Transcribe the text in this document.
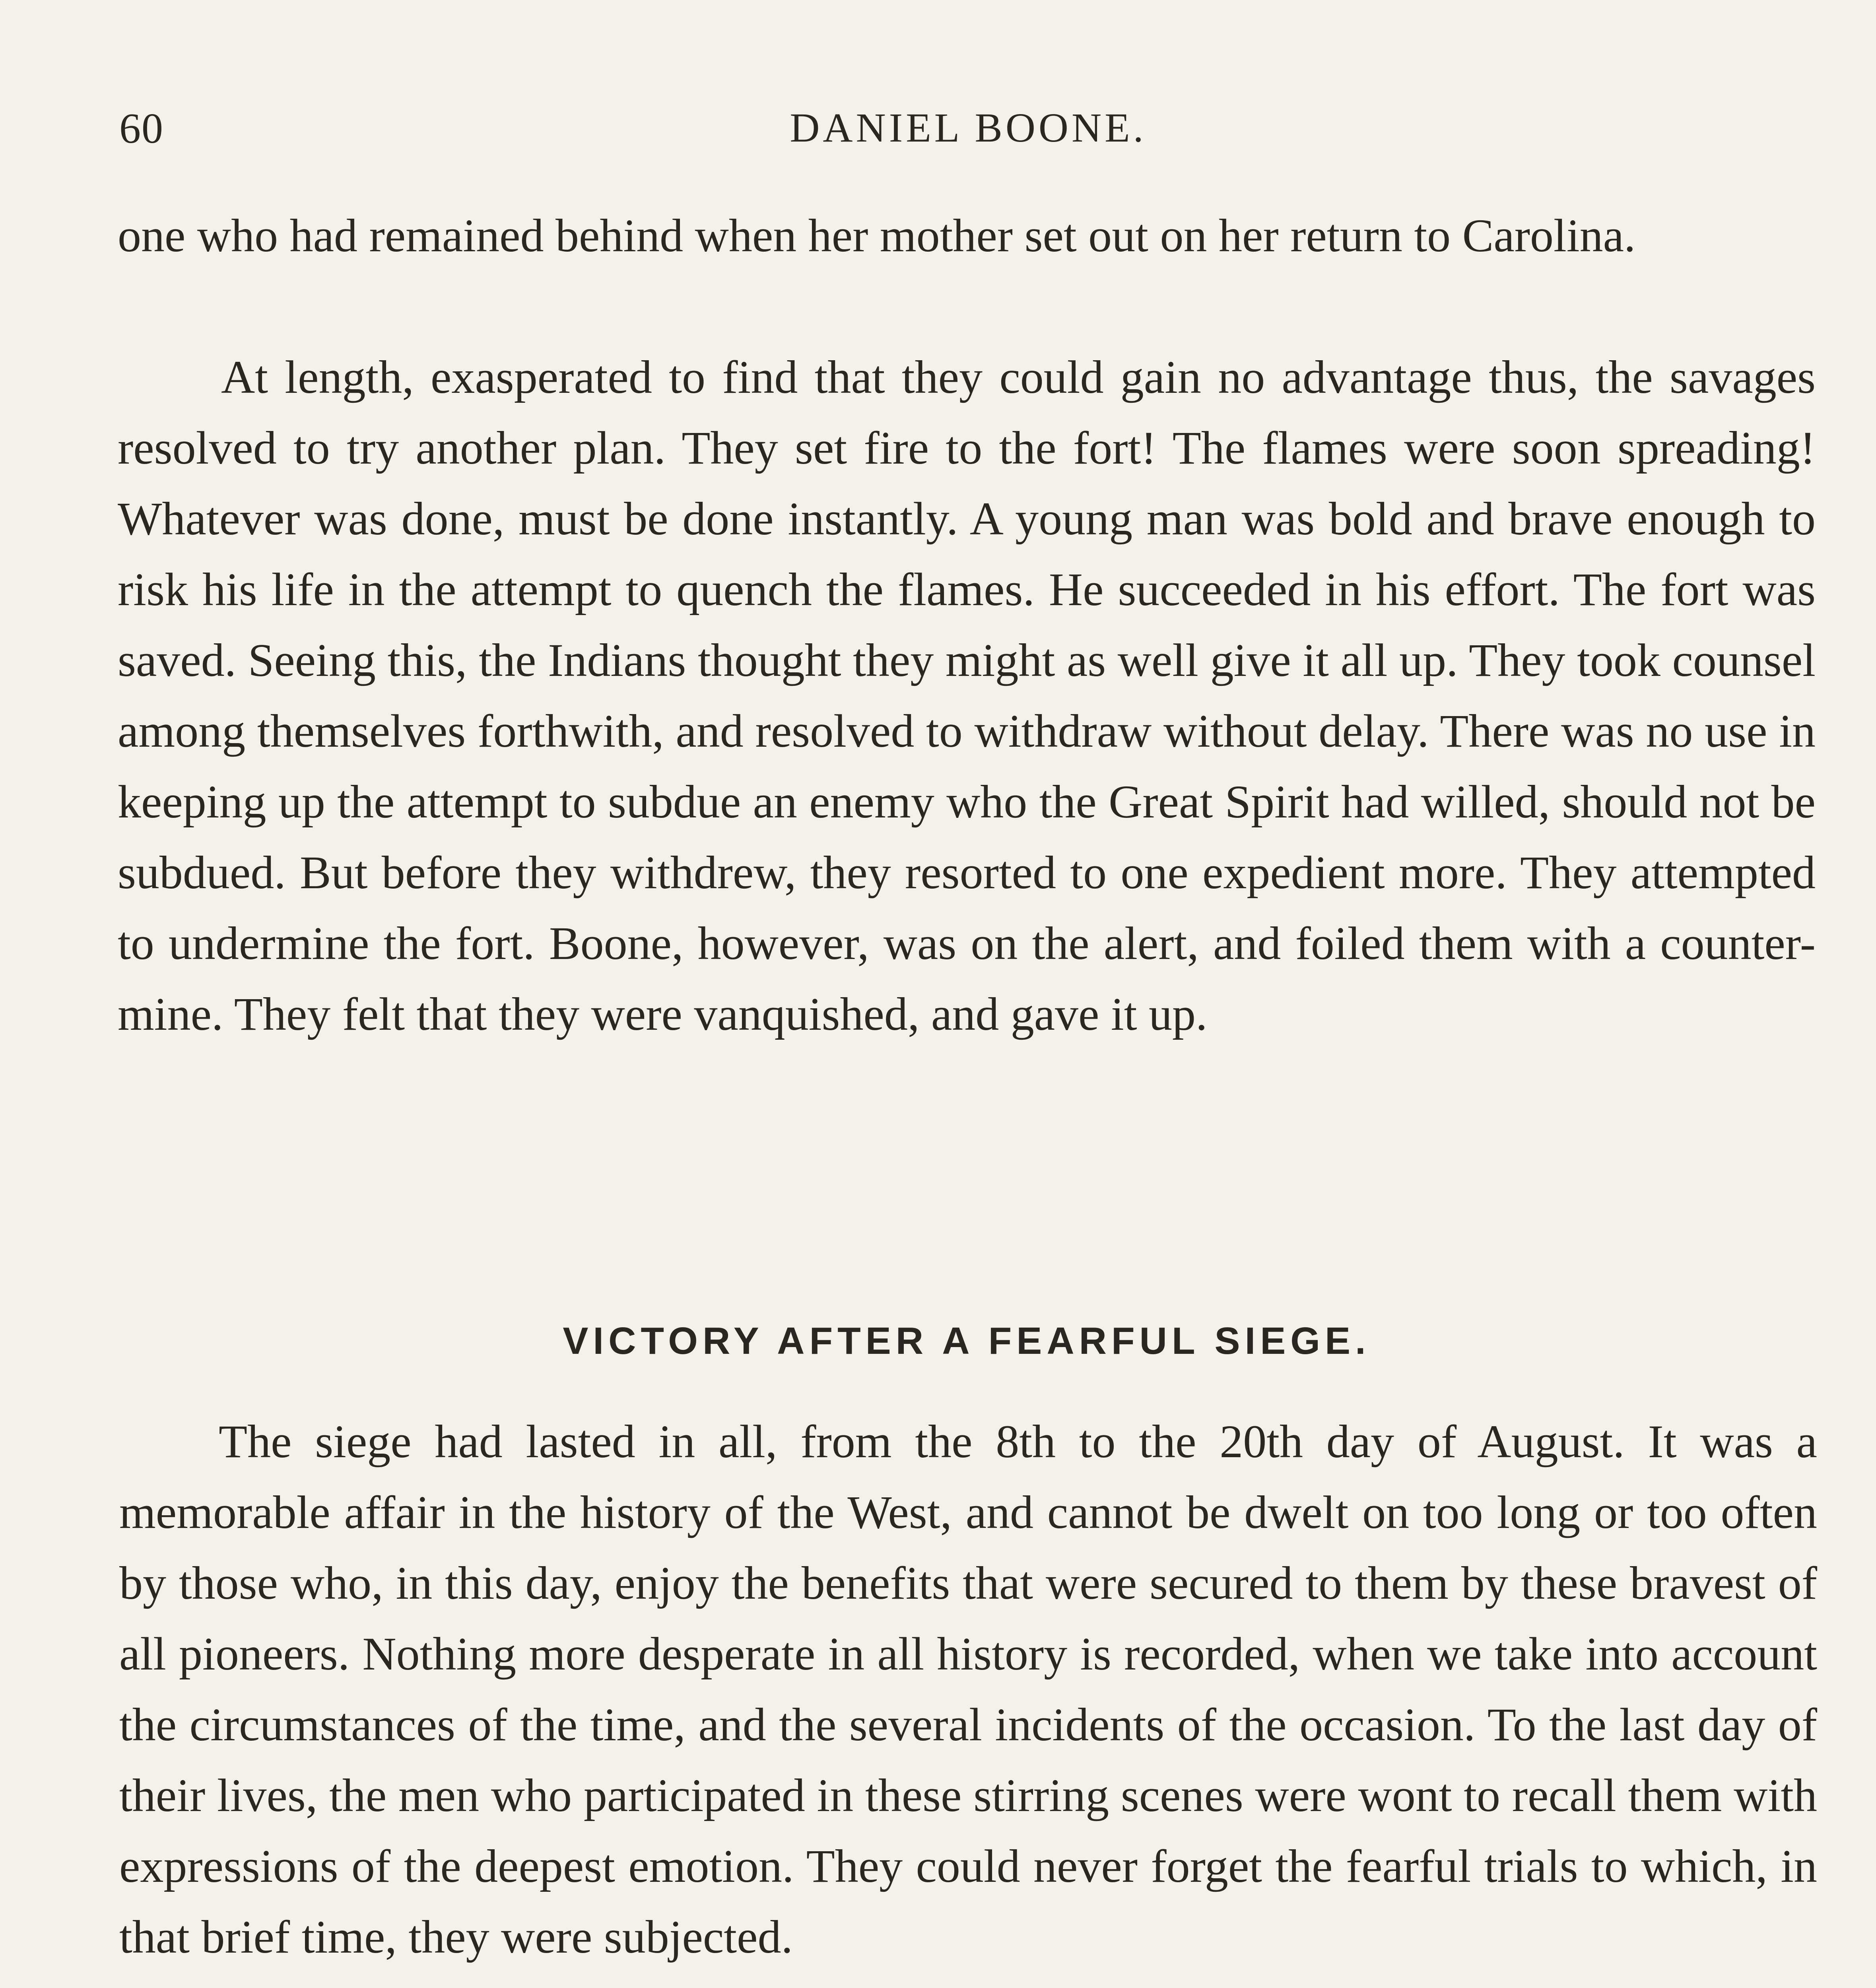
60	DANIEL BOONE.

one who had remained behind when her mother set out on her return to Carolina.

At length, exasperated to find that they could gain no advantage thus, the savages resolved to try another plan. They set fire to the fort! The flames were soon spreading! Whatever was done, must be done instantly. A young man was bold and brave enough to risk his life in the attempt to quench the flames. He succeeded in his effort. The fort was saved. Seeing this, the Indians thought they might as well give it all up. They took counsel among themselves forthwith, and resolved to withdraw without delay. There was no use in keeping up the attempt to subdue an enemy who the Great Spirit had willed, should not be subdued. But before they withdrew, they resorted to one expedient more. They attempted to undermine the fort. Boone, however, was on the alert, and foiled them with a counter-mine. They felt that they were vanquished, and gave it up.

VICTORY AFTER A FEARFUL SIEGE.

The siege had lasted in all, from the 8th to the 20th day of August. It was a memorable affair in the history of the West, and cannot be dwelt on too long or too often by those who, in this day, enjoy the benefits that were secured to them by these bravest of all pioneers. Nothing more desperate in all history is recorded, when we take into account the circumstances of the time, and the several incidents of the occasion. To the last day of their lives, the men who participated in these stirring scenes were wont to recall them with expressions of the deepest emotion. They could never forget the fearful trials to which, in that brief time, they were subjected.
